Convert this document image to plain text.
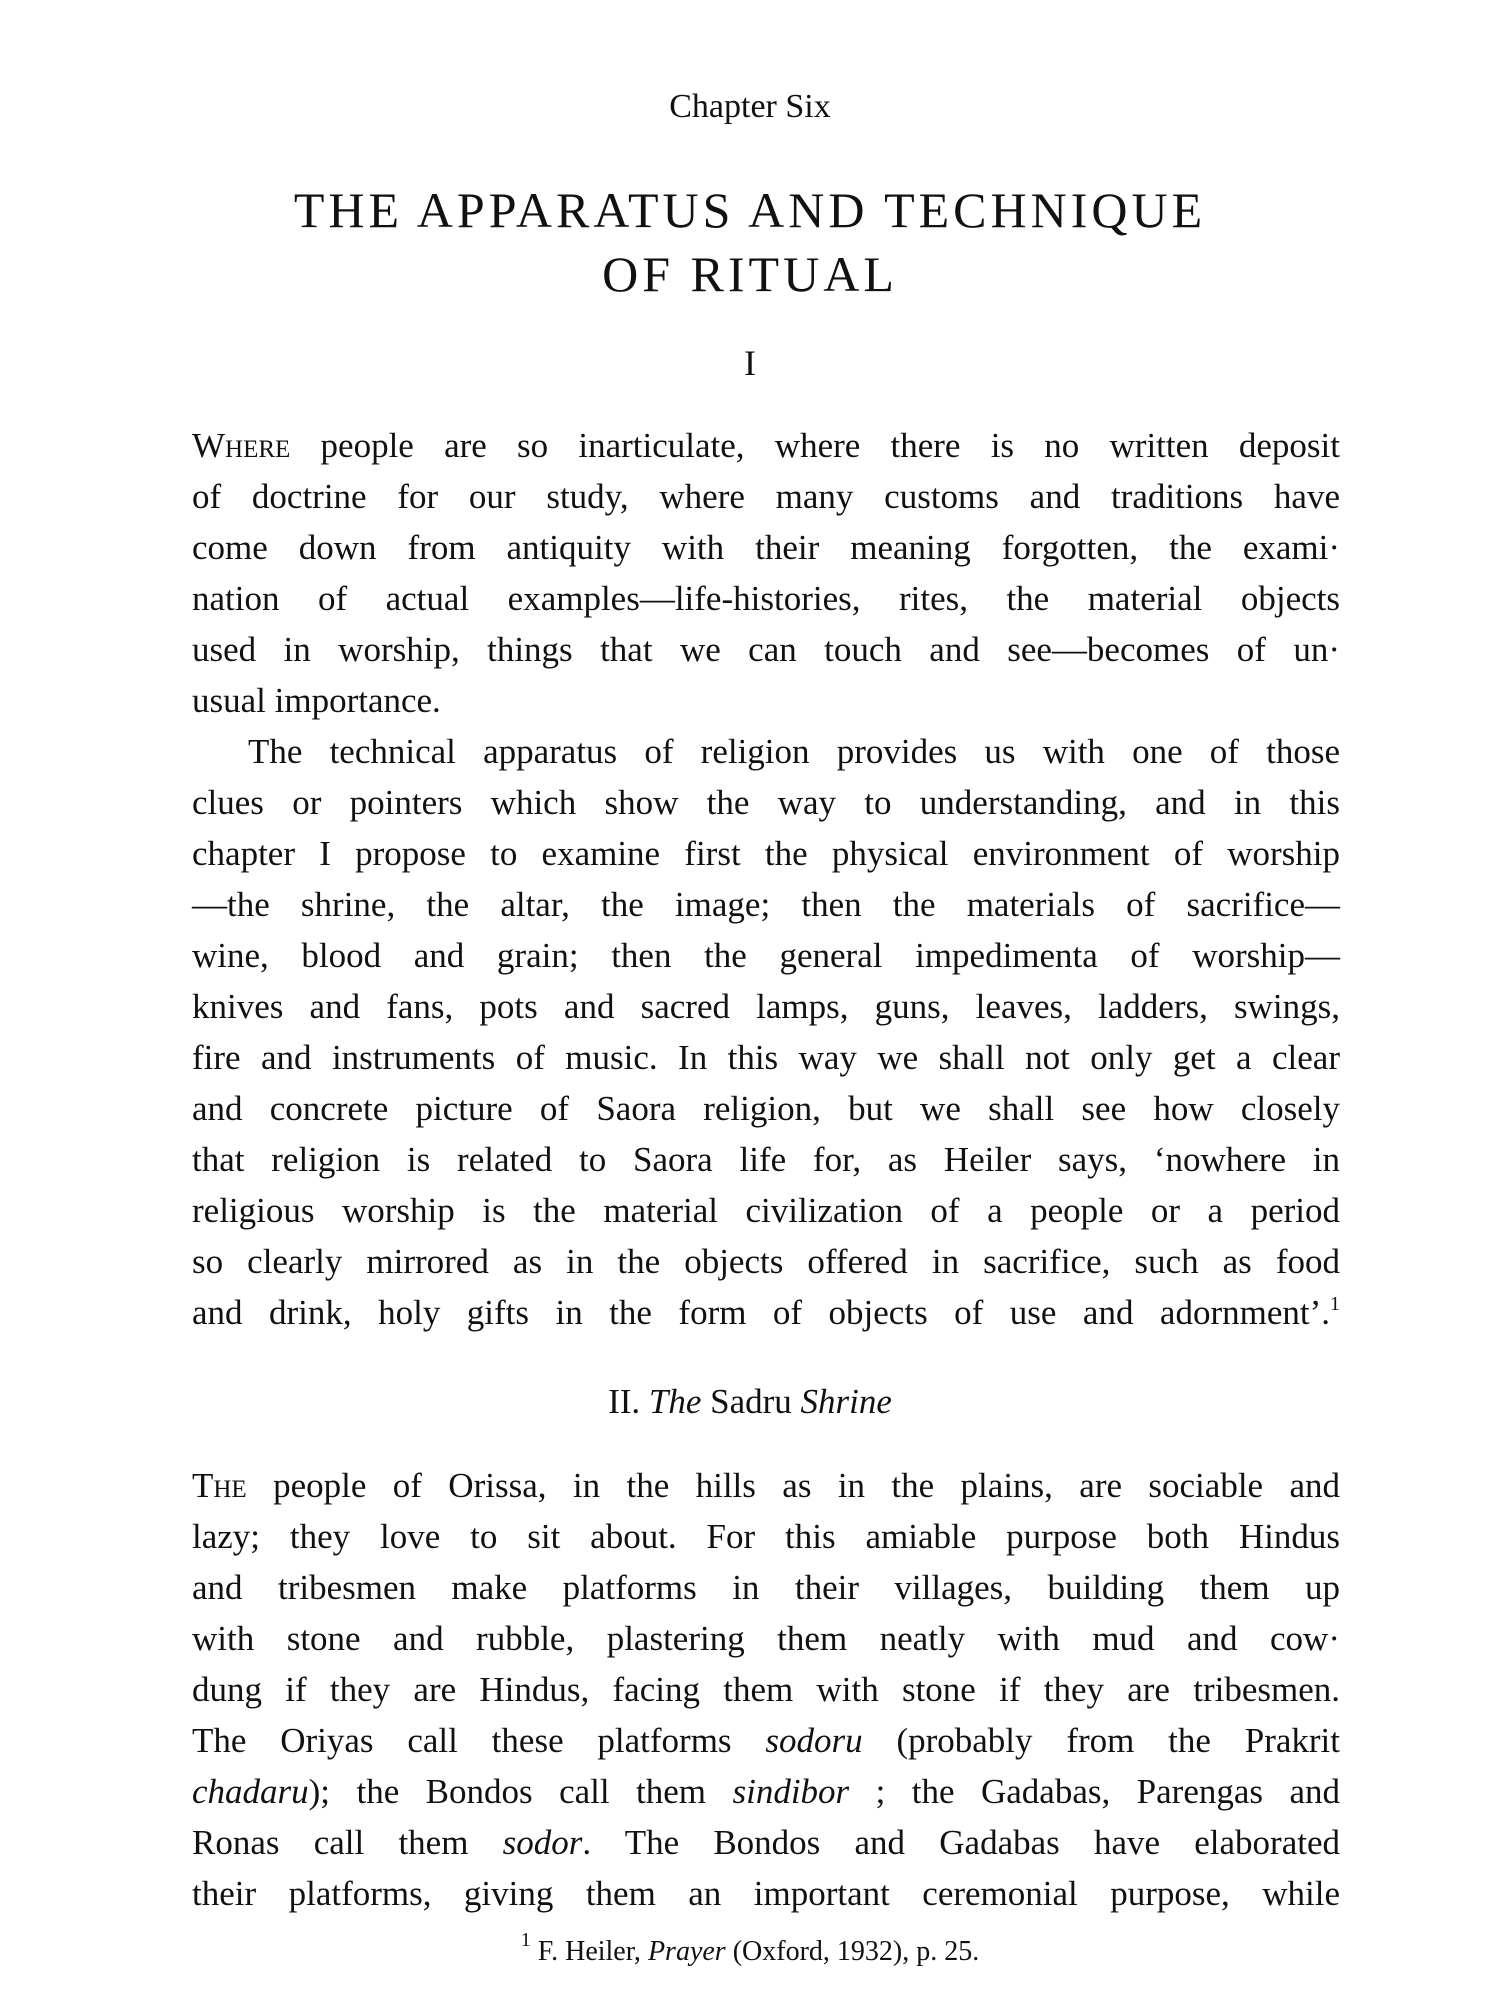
Chapter Six
THE APPARATUS AND TECHNIQUE
OF RITUAL
I
Where people are so inarticulate, where there is no written deposit
of doctrine for our study, where many customs and traditions have
come down from antiquity with their meaning forgotten, the exami·
nation of actual examples—life-histories, rites, the material objects
used in worship, things that we can touch and see—becomes of un·
usual importance.
The technical apparatus of religion provides us with one of those
clues or pointers which show the way to understanding, and in this
chapter I propose to examine first the physical environment of worship
—the shrine, the altar, the image; then the materials of sacrifice—
wine, blood and grain; then the general impedimenta of worship—
knives and fans, pots and sacred lamps, guns, leaves, ladders, swings,
fire and instruments of music. In this way we shall not only get a clear
and concrete picture of Saora religion, but we shall see how closely
that religion is related to Saora life for, as Heiler says, ‘nowhere in
religious worship is the material civilization of a people or a period
so clearly mirrored as in the objects offered in sacrifice, such as food
and drink, holy gifts in the form of objects of use and adornment’.$^1$
II. The Sadru Shrine
The people of Orissa, in the hills as in the plains, are sociable and
lazy; they love to sit about. For this amiable purpose both Hindus
and tribesmen make platforms in their villages, building them up
with stone and rubble, plastering them neatly with mud and cow·
dung if they are Hindus, facing them with stone if they are tribesmen.
The Oriyas call these platforms sodoru (probably from the Prakrit
chadaru); the Bondos call them sindibor ; the Gadabas, Parengas and
Ronas call them sodor. The Bondos and Gadabas have elaborated
their platforms, giving them an important ceremonial purpose, while
$^1$ F. Heiler, Prayer (Oxford, 1932), p. 25.
